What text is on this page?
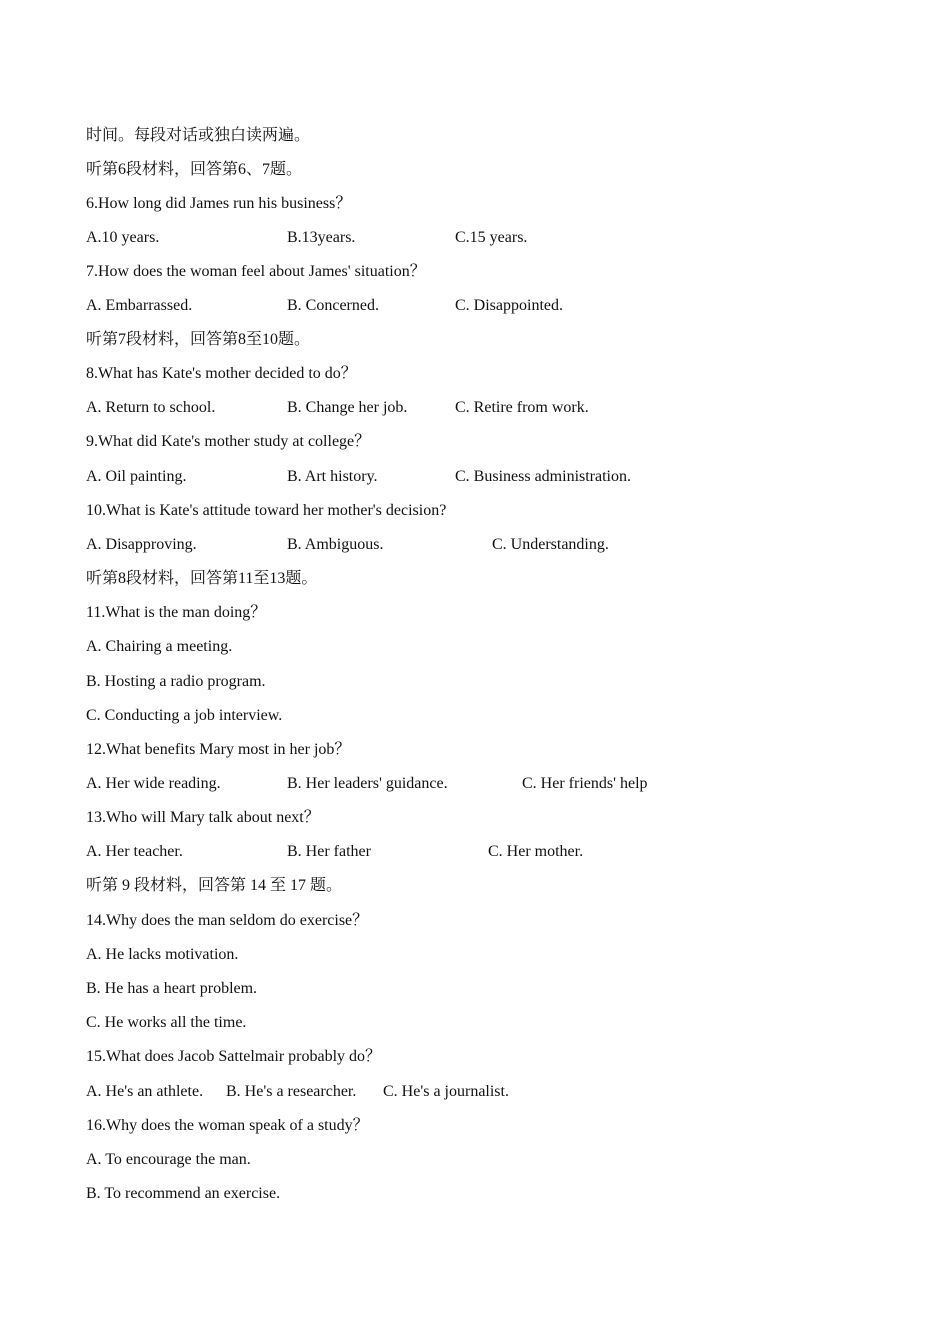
时间。每段对话或独白读两遍。
听第6段材料，回答第6、7题。
6.How long did James run his business？
A.10 years.	B.13years.	C.15 years.
7.How does the woman feel about James' situation？
A. Embarrassed.	B. Concerned.	C. Disappointed.
听第7段材料，回答第8至10题。
8.What has Kate's mother decided to do？
A. Return to school.	B. Change her job.	C. Retire from work.
9.What did Kate's mother study at college？
A. Oil painting.	B. Art history.	C. Business administration.
10.What is Kate's attitude toward her mother's decision?
A. Disapproving.	B. Ambiguous.	C. Understanding.
听第8段材料，回答第11至13题。
11.What is the man doing？
A. Chairing a meeting.
B. Hosting a radio program.
C. Conducting a job interview.
12.What benefits Mary most in her job？
A. Her wide reading.	B. Her leaders' guidance.	C. Her friends' help
13.Who will Mary talk about next？
A. Her teacher.	B. Her father	C. Her mother.
听第 9 段材料，回答第 14 至 17 题。
14.Why does the man seldom do exercise？
A. He lacks motivation.
B. He has a heart problem.
C. He works all the time.
15.What does Jacob Sattelmair probably do？
A. He's an athlete. B. He's a researcher. C. He's a journalist.
16.Why does the woman speak of a study？
A. To encourage the man.
B. To recommend an exercise.
